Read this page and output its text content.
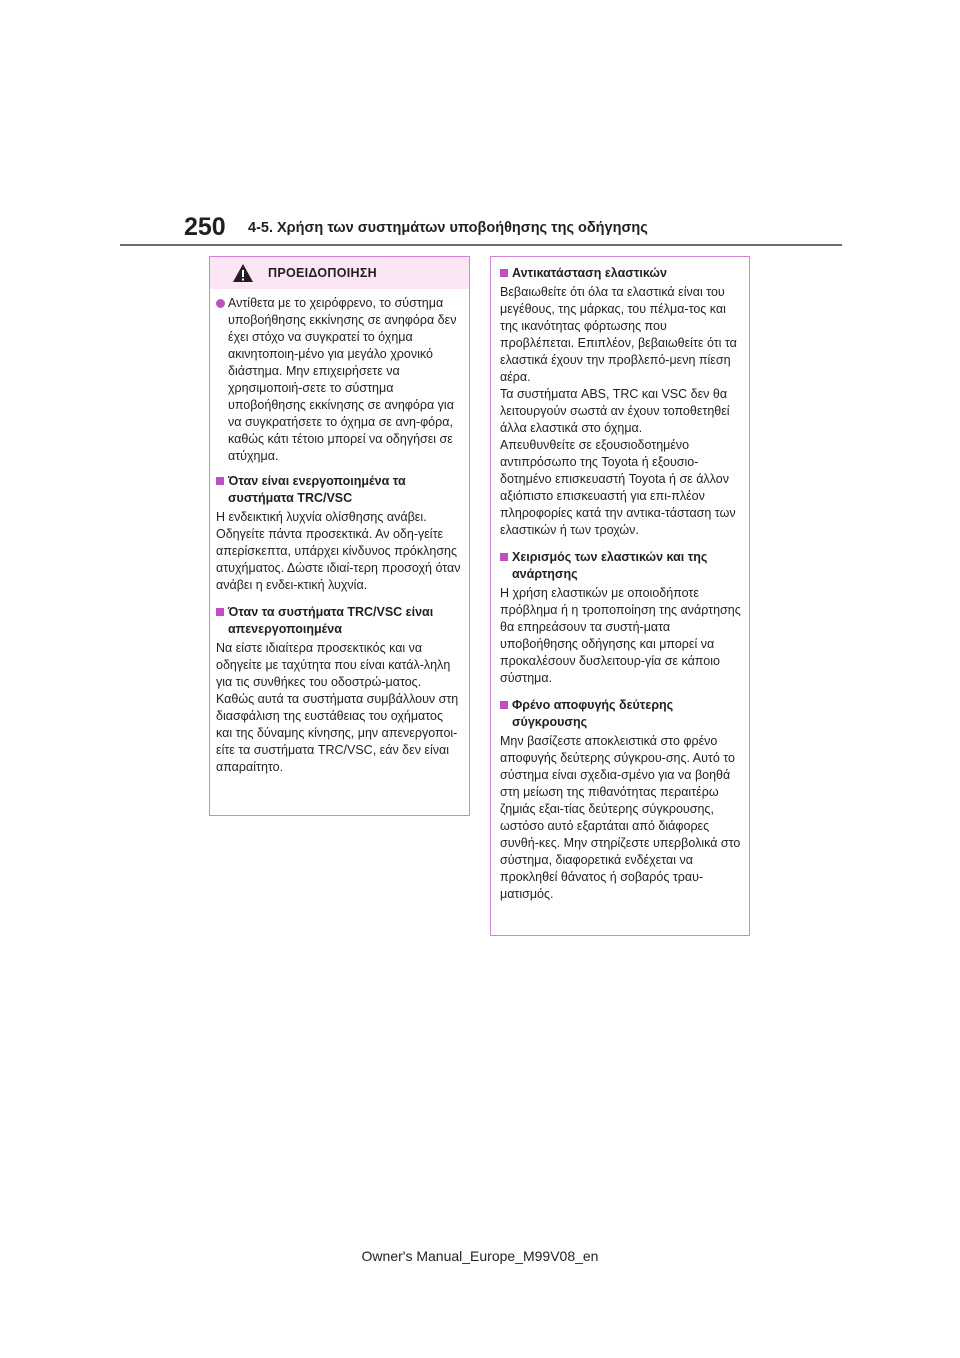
250 4-5. Χρήση των συστημάτων υποβοήθησης της οδήγησης
ΠΡΟΕΙΔΟΠΟΙΗΣΗ
Αντίθετα με το χειρόφρενο, το σύστημα υποβοήθησης εκκίνησης σε ανηφόρα δεν έχει στόχο να συγκρατεί το όχημα ακινητοποιη-μένο για μεγάλο χρονικό διάστημα. Μην επιχειρήσετε να χρησιμοποιή-σετε το σύστημα υποβοήθησης εκκίνησης σε ανηφόρα για να συγκρατήσετε το όχημα σε ανη-φόρα, καθώς κάτι τέτοιο μπορεί να οδηγήσει σε ατύχημα.
Όταν είναι ενεργοποιημένα τα συστήματα TRC/VSC
Η ενδεικτική λυχνία ολίσθησης ανάβει. Οδηγείτε πάντα προσεκτικά. Αν οδη-γείτε απερίσκεπτα, υπάρχει κίνδυνος πρόκλησης ατυχήματος. Δώστε ιδιαί-τερη προσοχή όταν ανάβει η ενδει-κτική λυχνία.
Όταν τα συστήματα TRC/VSC είναι απενεργοποιημένα
Να είστε ιδιαίτερα προσεκτικός και να οδηγείτε με ταχύτητα που είναι κατάλ-ληλη για τις συνθήκες του οδοστρώ-ματος. Καθώς αυτά τα συστήματα συμβάλλουν στη διασφάλιση της ευστάθειας του οχήματος και της δύναμης κίνησης, μην απενεργοποι-είτε τα συστήματα TRC/VSC, εάν δεν είναι απαραίτητο.
Αντικατάσταση ελαστικών

Βεβαιωθείτε ότι όλα τα ελαστικά είναι του μεγέθους, της μάρκας, του πέλμα-τος και της ικανότητας φόρτωσης που προβλέπεται. Επιπλέον, βεβαιωθείτε ότι τα ελαστικά έχουν την προβλεπό-μενη πίεση αέρα.

Τα συστήματα ABS, TRC και VSC δεν θα λειτουργούν σωστά αν έχουν τοποθετηθεί άλλα ελαστικά στο όχημα.

Απευθυνθείτε σε εξουσιοδοτημένο αντιπρόσωπο της Toyota ή εξουσιο-δοτημένο επισκευαστή Toyota ή σε άλλον αξιόπιστο επισκευαστή για επι-πλέον πληροφορίες κατά την αντικα-τάσταση των ελαστικών ή των τροχών.

Χειρισμός των ελαστικών και της ανάρτησης

Η χρήση ελαστικών με οποιοδήποτε πρόβλημα ή η τροποποίηση της ανάρτησης θα επηρεάσουν τα συστή-ματα υποβοήθησης οδήγησης και μπορεί να προκαλέσουν δυσλειτουρ-γία σε κάποιο σύστημα.

Φρένο αποφυγής δεύτερης σύγκρουσης

Μην βασίζεστε αποκλειστικά στο φρένο αποφυγής δεύτερης σύγκρου-σης. Αυτό το σύστημα είναι σχεδια-σμένο για να βοηθά στη μείωση της πιθανότητας περαιτέρω ζημιάς εξαι-τίας δεύτερης σύγκρουσης, ωστόσο αυτό εξαρτάται από διάφορες συνθή-κες. Μην στηρίζεστε υπερβολικά στο σύστημα, διαφορετικά ενδέχεται να προκληθεί θάνατος ή σοβαρός τραυ-ματισμός.

Owner's Manual_Europe_M99V08_en
